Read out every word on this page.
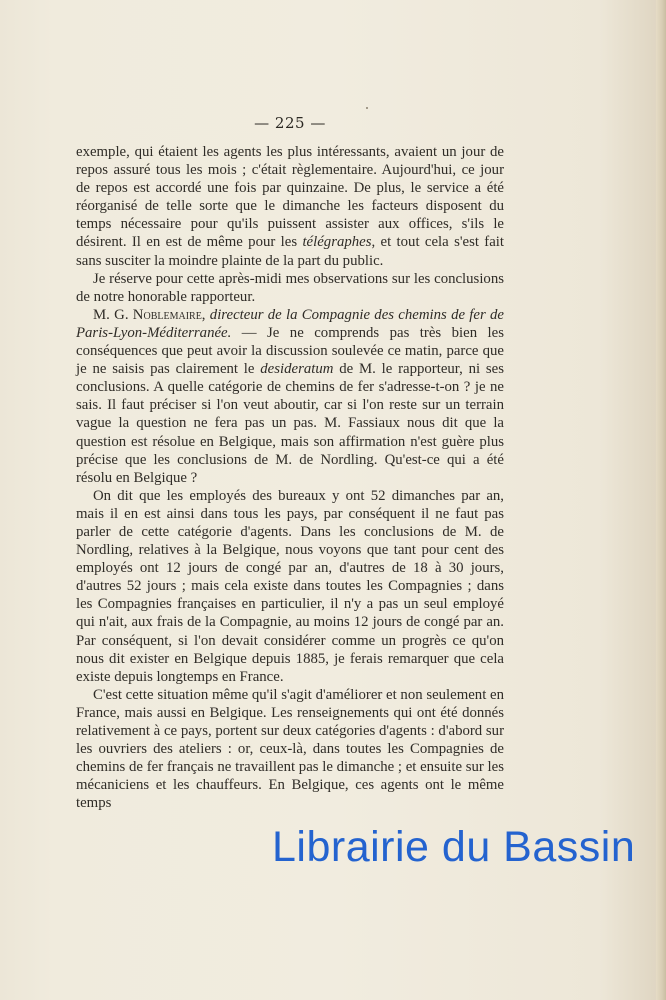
— 225 —

exemple, qui étaient les agents les plus intéressants, avaient un jour de repos assuré tous les mois ; c'était règlementaire. Aujourd'hui, ce jour de repos est accordé une fois par quinzaine. De plus, le service a été réorganisé de telle sorte que le dimanche les facteurs disposent du temps nécessaire pour qu'ils puissent assister aux offices, s'ils le désirent. Il en est de même pour les télégraphes, et tout cela s'est fait sans susciter la moindre plainte de la part du public.

Je réserve pour cette après-midi mes observations sur les conclusions de notre honorable rapporteur.

M. G. Noblemaire, directeur de la Compagnie des chemins de fer de Paris-Lyon-Méditerranée. — Je ne comprends pas très bien les conséquences que peut avoir la discussion soulevée ce matin, parce que je ne saisis pas clairement le desideratum de M. le rapporteur, ni ses conclusions. A quelle catégorie de chemins de fer s'adresse-t-on ? je ne sais. Il faut préciser si l'on veut aboutir, car si l'on reste sur un terrain vague la question ne fera pas un pas. M. Fassiaux nous dit que la question est résolue en Belgique, mais son affirmation n'est guère plus précise que les conclusions de M. de Nordling. Qu'est-ce qui a été résolu en Belgique ?

On dit que les employés des bureaux y ont 52 dimanches par an, mais il en est ainsi dans tous les pays, par conséquent il ne faut pas parler de cette catégorie d'agents. Dans les conclusions de M. de Nordling, relatives à la Belgique, nous voyons que tant pour cent des employés ont 12 jours de congé par an, d'autres de 18 à 30 jours, d'autres 52 jours ; mais cela existe dans toutes les Compagnies ; dans les Compagnies françaises en particulier, il n'y a pas un seul employé qui n'ait, aux frais de la Compagnie, au moins 12 jours de congé par an. Par conséquent, si l'on devait considérer comme un progrès ce qu'on nous dit exister en Belgique depuis 1885, je ferais remarquer que cela existe depuis longtemps en France.

C'est cette situation même qu'il s'agit d'améliorer et non seulement en France, mais aussi en Belgique. Les renseignements qui ont été donnés relativement à ce pays, portent sur deux catégories d'agents : d'abord sur les ouvriers des ateliers : or, ceux-là, dans toutes les Compagnies de chemins de fer français ne travaillent pas le dimanche ; et ensuite sur les mécaniciens et les chauffeurs. En Belgique, ces agents ont le même temps

Librairie du Bassin
